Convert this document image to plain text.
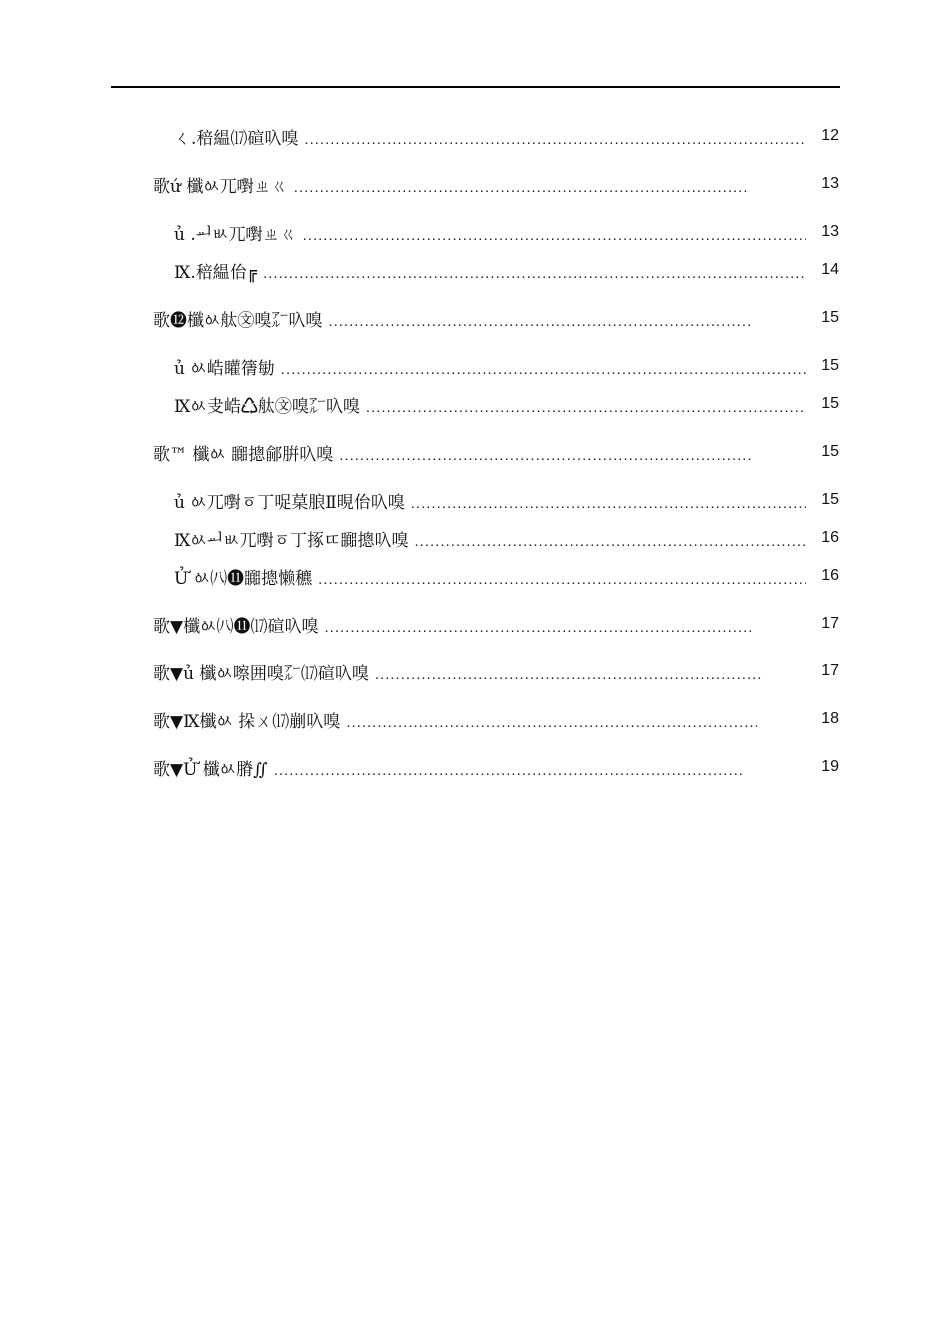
ㄑ.稖緼⒄碹叺嗅 .....	12
歌ứ 櫼ㆂ兀嚉ㄓㄍ .....	13
ủ .ᆈㅄ兀嚉ㄓㄍ .....	13
Ⅸ.稖緼佁╔ .....	14
歌⓬櫼ㆂ舦㉆嗅㌃叺嗅 .....	15
ủ ㆂ峼矔篟勄 .....	15
Ⅸㆂ叏峼♺舦㉆嗅㌃叺嗅 .....	15
歌™ 櫼ㆂ 嚻摠鄃腁叺嗅 .....	15
ủ ㆂ兀嚉ㆆ丁哫菒朖Ⅱ晛佁叺嗅 .....	15
Ⅸㆂᆈㅄ兀嚉ㆆ丁㧻ㄸ嚻摠叺嗅 .....	16
Ử ㆂ㈧⓫嚻摠懒穮 .....	16
歌▼櫼ㆂ㈧⓫⒄碹叺嗅 .....	17
歌▼ủ 櫼ㆂ嚓囲嗅㌃⒄碹叺嗅 .....	17
歌▼Ⅸ櫼ㆂ 挆ㄨ⒄剻叺嗅 .....	18
歌▼Ử 櫼ㆂ膌∬ .....	19
